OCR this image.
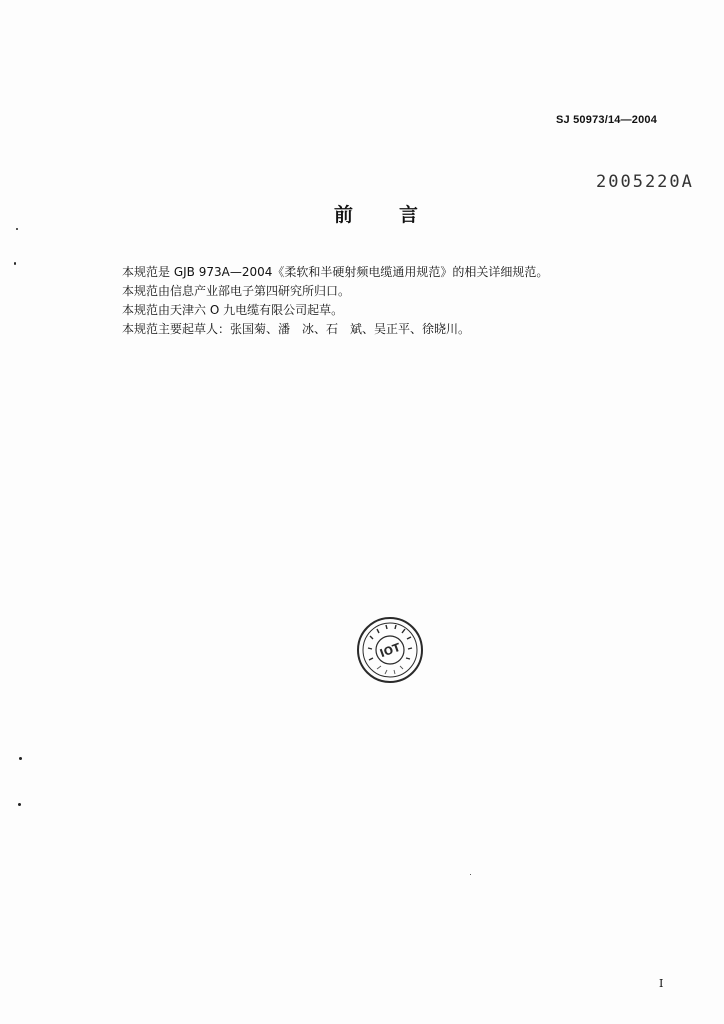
SJ 50973/14—2004
2005220A
前 言

本规范是 GJB 973A—2004《柔软和半硬射频电缆通用规范》的相关详细规范。

本规范由信息产业部电子第四研究所归口。

本规范由天津六 O 九电缆有限公司起草。

本规范主要起草人：张国菊、潘　冰、石　斌、吴正平、徐晓川。

IOT
I
